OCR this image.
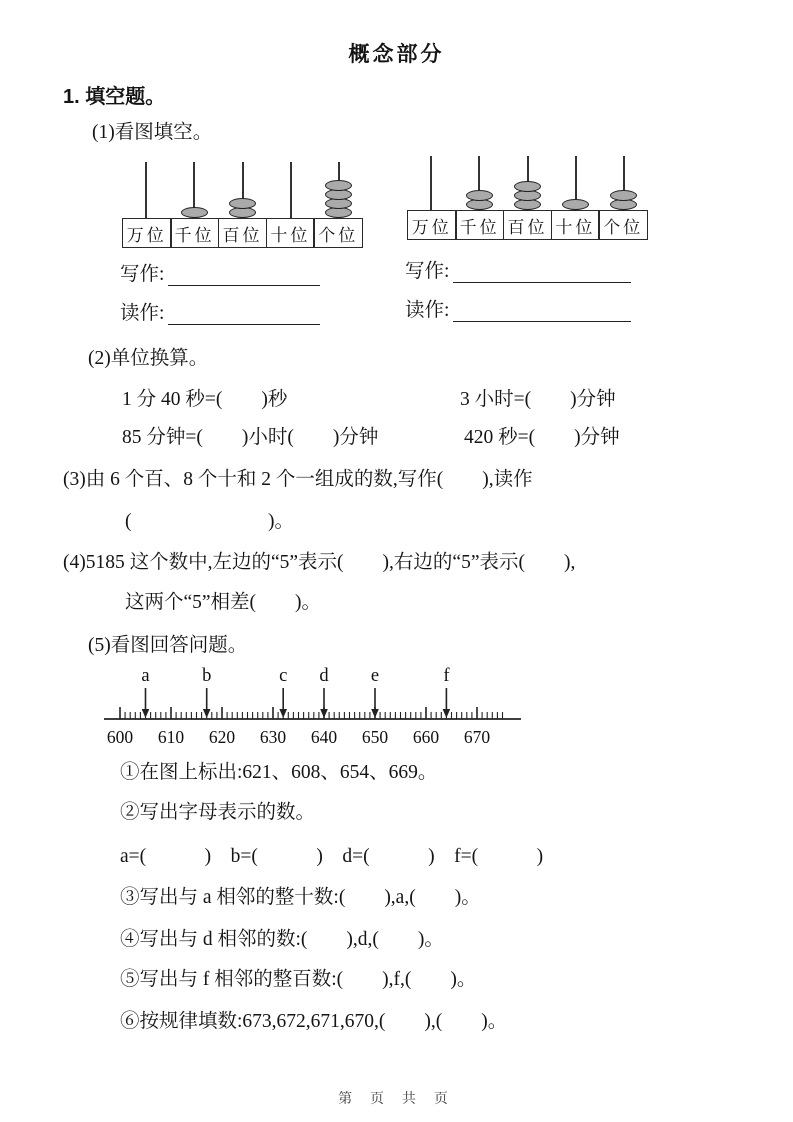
概念部分
1. 填空题。
(1)看图填空。
万位 千位 百位 十位 个位	万位 千位 百位 十位 个位
写作:	写作:
读作:	读作:
(2)单位换算。
1 分 40 秒=(　　)秒	3 小时=(　　)分钟
85 分钟=(　　)小时(　　)分钟	420 秒=(　　)分钟
(3)由 6 个百、8 个十和 2 个一组成的数,写作(　　),读作
(　　　　　　　)。
(4)5185 这个数中,左边的“5”表示(　　),右边的“5”表示(　　),
这两个“5”相差(　　)。
(5)看图回答问题。
600 610 620 630 640 650 660 670
a	b	c d e	f
①在图上标出:621、608、654、669。
②写出字母表示的数。
a=(　　　)　b=(　　　)　d=(　　　)　f=(　　　)
③写出与 a 相邻的整十数:(　　),a,(　　)。
④写出与 d 相邻的数:(　　),d,(　　)。
⑤写出与 f 相邻的整百数:(　　),f,(　　)。
⑥按规律填数:673,672,671,670,(　　),(　　)。
第 页 共 页
